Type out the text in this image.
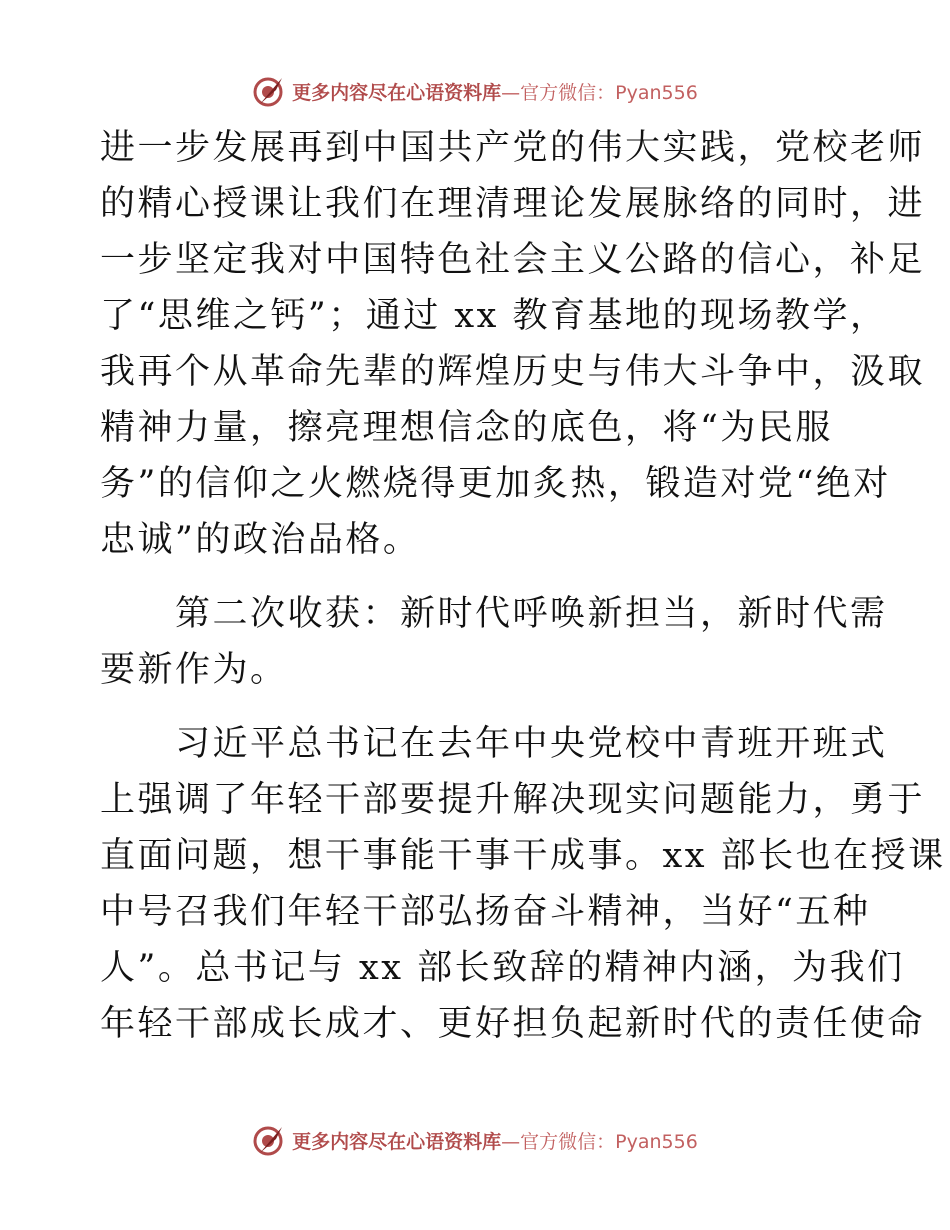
更多内容尽在心语资料库 —官方微信：Pyan556
进一步发展再到中国共产党的伟大实践，党校老师
的精心授课让我们在理清理论发展脉络的同时，进
一步坚定我对中国特色社会主义公路的信心，补足
了“思维之钙”；通过 xx 教育基地的现场教学，
我再个从革命先辈的辉煌历史与伟大斗争中，汲取
精神力量，擦亮理想信念的底色，将“为民服
务”的信仰之火燃烧得更加炙热，锻造对党“绝对
忠诚”的政治品格。
　　第二次收获：新时代呼唤新担当，新时代需
要新作为。
　　习近平总书记在去年中央党校中青班开班式
上强调了年轻干部要提升解决现实问题能力，勇于
直面问题，想干事能干事干成事。xx 部长也在授课
中号召我们年轻干部弘扬奋斗精神，当好“五种
人”。总书记与 xx 部长致辞的精神内涵，为我们
年轻干部成长成才、更好担负起新时代的责任使命
更多内容尽在心语资料库 —官方微信：Pyan556
